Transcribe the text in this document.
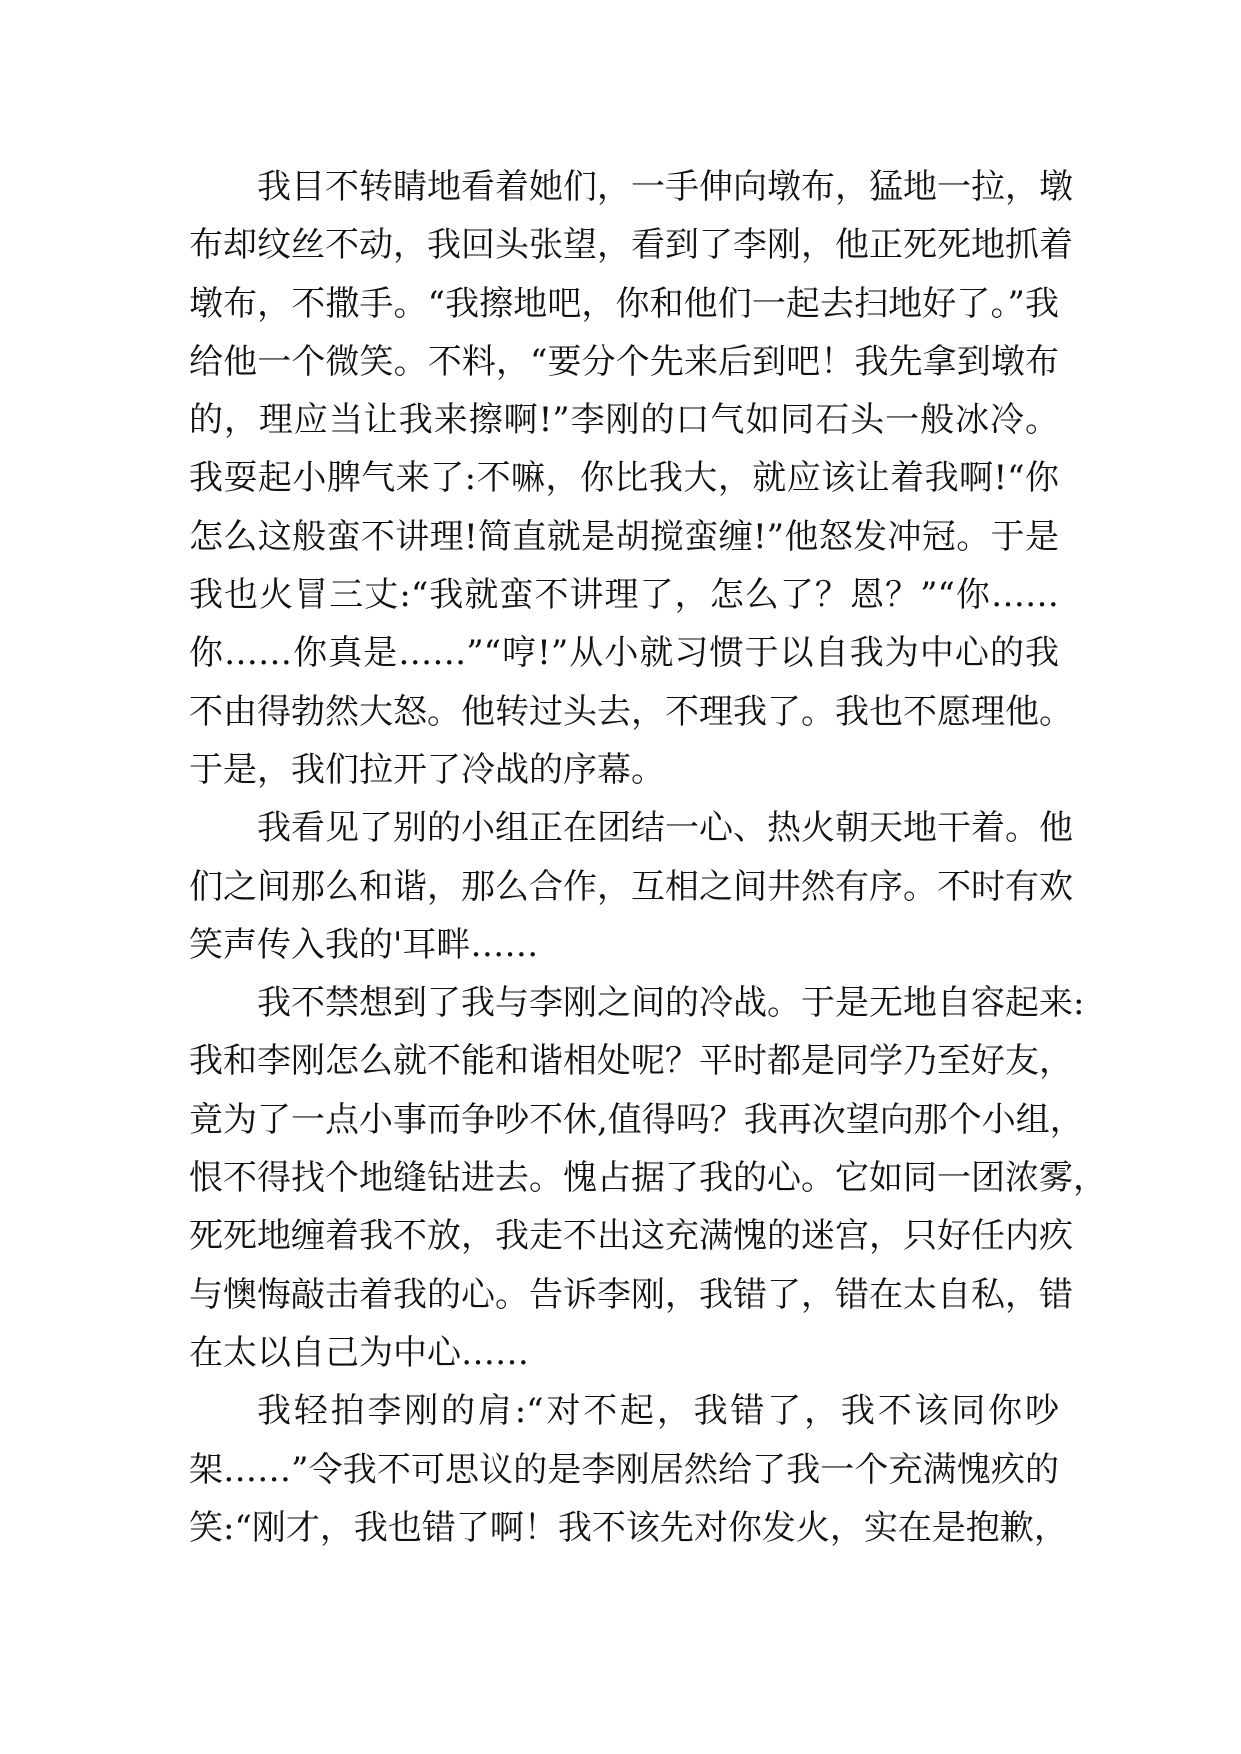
我目不转睛地看着她们，一手伸向墩布，猛地一拉，墩
布却纹丝不动，我回头张望，看到了李刚，他正死死地抓着
墩布，不撒手。“我擦地吧，你和他们一起去扫地好了。”我
给他一个微笑。不料，“要分个先来后到吧！我先拿到墩布
的，理应当让我来擦啊!”李刚的口气如同石头一般冰冷。
我耍起小脾气来了:不嘛，你比我大，就应该让着我啊!“你
怎么这般蛮不讲理!简直就是胡搅蛮缠!”他怒发冲冠。于是
我也火冒三丈:“我就蛮不讲理了，怎么了？恩？”“你……
你……你真是……”“哼!”从小就习惯于以自我为中心的我
不由得勃然大怒。他转过头去，不理我了。我也不愿理他。
于是，我们拉开了冷战的序幕。
我看见了别的小组正在团结一心、热火朝天地干着。他
们之间那么和谐，那么合作，互相之间井然有序。不时有欢
笑声传入我的'耳畔……
我不禁想到了我与李刚之间的冷战。于是无地自容起来:
我和李刚怎么就不能和谐相处呢？平时都是同学乃至好友，
竟为了一点小事而争吵不休,值得吗？我再次望向那个小组，
恨不得找个地缝钻进去。愧占据了我的心。它如同一团浓雾，
死死地缠着我不放，我走不出这充满愧的迷宫，只好任内疚
与懊悔敲击着我的心。告诉李刚，我错了，错在太自私，错
在太以自己为中心……
我轻拍李刚的肩:“对不起，我错了，我不该同你吵
架……”令我不可思议的是李刚居然给了我一个充满愧疚的
笑:“刚才，我也错了啊！我不该先对你发火，实在是抱歉，
